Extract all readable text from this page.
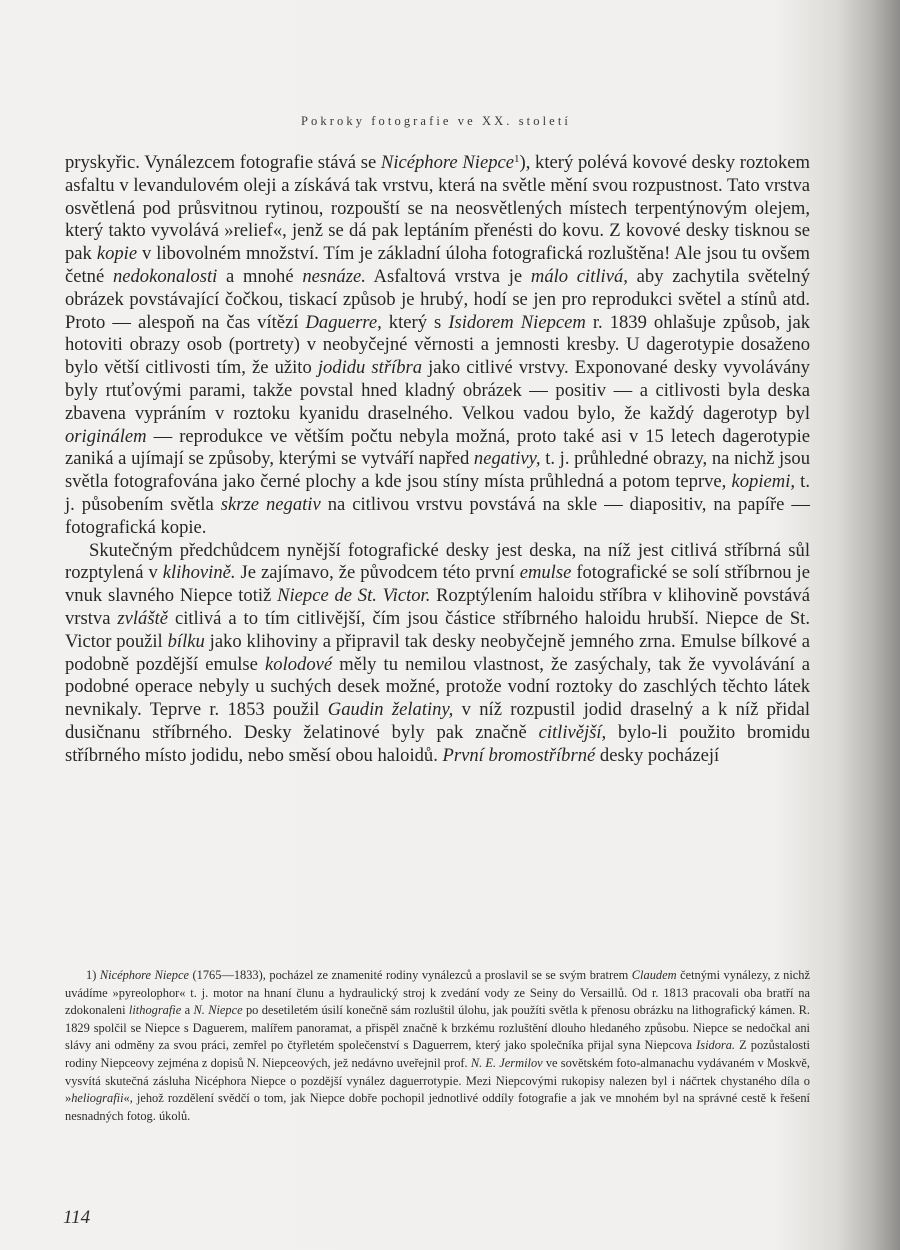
Pokroky fotografie ve XX. století

pryskyřic. Vynálezcem fotografie stává se Nicéphore Niepce$^1$), který polévá kovové desky roztokem asfaltu v levandulovém oleji a získává tak vrstvu, která na světle mění svou rozpustnost. Tato vrstva osvětlená pod průsvitnou rytinou, rozpouští se na neosvětlených místech terpentýnovým olejem, který takto vyvolává »relief«, jenž se dá pak leptáním přenésti do kovu. Z kovové desky tisknou se pak kopie v libovolném množství. Tím je základní úloha fotografická rozluštěna! Ale jsou tu ovšem četné nedokonalosti a mnohé nesnáze. Asfaltová vrstva je málo citlivá, aby zachytila světelný obrázek povstávající čočkou, tiskací způsob je hrubý, hodí se jen pro reprodukci světel a stínů atd. Proto — alespoň na čas vítězí Daguerre, který s Isidorem Niepcem r. 1839 ohlašuje způsob, jak hotoviti obrazy osob (portrety) v neobyčejné věrnosti a jemnosti kresby. U dagerotypie dosaženo bylo větší citlivosti tím, že užito jodidu stříbra jako citlivé vrstvy. Exponované desky vyvolávány byly rtuťovými parami, takže povstal hned kladný obrázek — positiv — a citlivosti byla deska zbavena vypráním v roztoku kyanidu draselného. Velkou vadou bylo, že každý dagerotyp byl originálem — reprodukce ve větším počtu nebyla možná, proto také asi v 15 letech dagerotypie zaniká a ujímají se způsoby, kterými se vytváří napřed negativy, t. j. průhledné obrazy, na nichž jsou světla fotografována jako černé plochy a kde jsou stíny místa průhledná a potom teprve, kopiemi, t. j. působením světla skrze negativ na citlivou vrstvu povstává na skle — diapositiv, na papíře — fotografická kopie.

Skutečným předchůdcem nynější fotografické desky jest deska, na níž jest citlivá stříbrná sůl rozptylená v klihovině. Je zajímavo, že původcem této první emulse fotografické se solí stříbrnou je vnuk slavného Niepce totiž Niepce de St. Victor. Rozptýlením haloidu stříbra v klihovině povstává vrstva zvláště citlivá a to tím citlivější, čím jsou částice stříbrného haloidu hrubší. Niepce de St. Victor použil bílku jako klihoviny a připravil tak desky neobyčejně jemného zrna. Emulse bílkové a podobně pozdější emulse kolodové měly tu nemilou vlastnost, že zasýchaly, tak že vyvolávání a podobné operace nebyly u suchých desek možné, protože vodní roztoky do zaschlých těchto látek nevnikaly. Teprve r. 1853 použil Gaudin želatiny, v níž rozpustil jodid draselný a k níž přidal dusičnanu stříbrného. Desky želatinové byly pak značně citlivější, bylo-li použito bromidu stříbrného místo jodidu, nebo směsí obou haloidů. První bromostříbrné desky pocházejí

1) Nicéphore Niepce (1765—1833), pocházel ze znamenité rodiny vynálezců a proslavil se se svým bratrem Claudem četnými vynálezy, z nichž uvádíme »pyreolophor« t. j. motor na hnaní člunu a hydraulický stroj k zvedání vody ze Seiny do Versaillů. Od r. 1813 pracovali oba bratří na zdokonaleni lithografie a N. Niepce po desetiletém úsilí konečně sám rozluštil úlohu, jak použíti světla k přenosu obrázku na lithografický kámen. R. 1829 spolčil se Niepce s Daguerem, malířem panoramat, a přispěl značně k brzkému rozluštění dlouho hledaného způsobu. Niepce se nedočkal ani slávy ani odměny za svou práci, zemřel po čtyřletém společenství s Daguerrem, který jako společníka přijal syna Niepcova Isidora. Z pozůstalosti rodiny Niepceovy zejména z dopisů N. Niepceových, jež nedávno uveřejnil prof. N. E. Jermilov ve sovětském foto-almanachu vydávaném v Moskvě, vysvítá skutečná zásluha Nicéphora Niepce o pozdější vynález daguerrotypie. Mezi Niepcovými rukopisy nalezen byl i náčrtek chystaného díla o »heliografii«, jehož rozdělení svědčí o tom, jak Niepce dobře pochopil jednotlivé oddíly fotografie a jak ve mnohém byl na správné cestě k řešení nesnadných fotog. úkolů.

114
